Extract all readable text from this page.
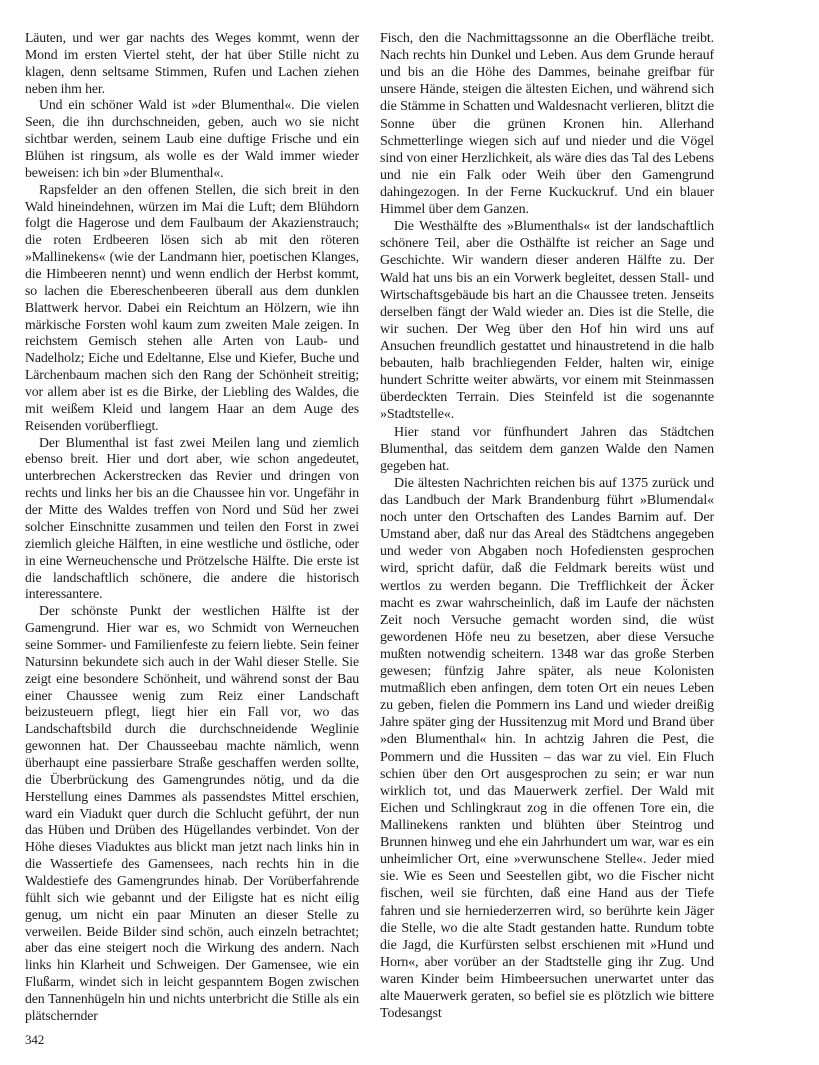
Läuten, und wer gar nachts des Weges kommt, wenn der Mond im ersten Viertel steht, der hat über Stille nicht zu klagen, denn seltsame Stimmen, Rufen und Lachen ziehen neben ihm her.

Und ein schöner Wald ist »der Blumenthal«. Die vielen Seen, die ihn durchschneiden, geben, auch wo sie nicht sichtbar werden, seinem Laub eine duftige Frische und ein Blühen ist ringsum, als wolle es der Wald immer wieder beweisen: ich bin »der Blumenthal«.

Rapsfelder an den offenen Stellen, die sich breit in den Wald hineindehnen, würzen im Mai die Luft; dem Blühdorn folgt die Hagerose und dem Faulbaum der Akazienstrauch; die roten Erdbeeren lösen sich ab mit den röteren »Mallinekens« (wie der Landmann hier, poetischen Klanges, die Himbeeren nennt) und wenn endlich der Herbst kommt, so lachen die Ebereschenbeeren überall aus dem dunklen Blattwerk hervor. Dabei ein Reichtum an Hölzern, wie ihn märkische Forsten wohl kaum zum zweiten Male zeigen. In reichstem Gemisch stehen alle Arten von Laub- und Nadelholz; Eiche und Edeltanne, Else und Kiefer, Buche und Lärchenbaum machen sich den Rang der Schönheit streitig; vor allem aber ist es die Birke, der Liebling des Waldes, die mit weißem Kleid und langem Haar an dem Auge des Reisenden vorüberfliegt.

Der Blumenthal ist fast zwei Meilen lang und ziemlich ebenso breit. Hier und dort aber, wie schon angedeutet, unterbrechen Ackerstrecken das Revier und dringen von rechts und links her bis an die Chaussee hin vor. Ungefähr in der Mitte des Waldes treffen von Nord und Süd her zwei solcher Einschnitte zusammen und teilen den Forst in zwei ziemlich gleiche Hälften, in eine westliche und östliche, oder in eine Werneuchensche und Prötzelsche Hälfte. Die erste ist die landschaftlich schönere, die andere die historisch interessantere.

Der schönste Punkt der westlichen Hälfte ist der Gamengrund. Hier war es, wo Schmidt von Werneuchen seine Sommer- und Familienfeste zu feiern liebte. Sein feiner Natursinn bekundete sich auch in der Wahl dieser Stelle. Sie zeigt eine besondere Schönheit, und während sonst der Bau einer Chaussee wenig zum Reiz einer Landschaft beizusteuern pflegt, liegt hier ein Fall vor, wo das Landschaftsbild durch die durchschneidende Weglinie gewonnen hat. Der Chausseebau machte nämlich, wenn überhaupt eine passierbare Straße geschaffen werden sollte, die Überbrückung des Gamengrundes nötig, und da die Herstellung eines Dammes als passendstes Mittel erschien, ward ein Viadukt quer durch die Schlucht geführt, der nun das Hüben und Drüben des Hügellandes verbindet. Von der Höhe dieses Viaduktes aus blickt man jetzt nach links hin in die Wassertiefe des Gamensees, nach rechts hin in die Waldestiefe des Gamengrundes hinab. Der Vorüberfahrende fühlt sich wie gebannt und der Eiligste hat es nicht eilig genug, um nicht ein paar Minuten an dieser Stelle zu verweilen. Beide Bilder sind schön, auch einzeln betrachtet; aber das eine steigert noch die Wirkung des andern. Nach links hin Klarheit und Schweigen. Der Gamensee, wie ein Flußarm, windet sich in leicht gespanntem Bogen zwischen den Tannenhügeln hin und nichts unterbricht die Stille als ein plätschernder

Fisch, den die Nachmittagssonne an die Oberfläche treibt. Nach rechts hin Dunkel und Leben. Aus dem Grunde herauf und bis an die Höhe des Dammes, beinahe greifbar für unsere Hände, steigen die ältesten Eichen, und während sich die Stämme in Schatten und Waldesnacht verlieren, blitzt die Sonne über die grünen Kronen hin. Allerhand Schmetterlinge wiegen sich auf und nieder und die Vögel sind von einer Herzlichkeit, als wäre dies das Tal des Lebens und nie ein Falk oder Weih über den Gamengrund dahingezogen. In der Ferne Kuckuckruf. Und ein blauer Himmel über dem Ganzen.

Die Westhälfte des »Blumenthals« ist der landschaftlich schönere Teil, aber die Osthälfte ist reicher an Sage und Geschichte. Wir wandern dieser anderen Hälfte zu. Der Wald hat uns bis an ein Vorwerk begleitet, dessen Stall- und Wirtschaftsgebäude bis hart an die Chaussee treten. Jenseits derselben fängt der Wald wieder an. Dies ist die Stelle, die wir suchen. Der Weg über den Hof hin wird uns auf Ansuchen freundlich gestattet und hinaustretend in die halb bebauten, halb brachliegenden Felder, halten wir, einige hundert Schritte weiter abwärts, vor einem mit Steinmassen überdeckten Terrain. Dies Steinfeld ist die sogenannte »Stadtstelle«.

Hier stand vor fünfhundert Jahren das Städtchen Blumenthal, das seitdem dem ganzen Walde den Namen gegeben hat.

Die ältesten Nachrichten reichen bis auf 1375 zurück und das Landbuch der Mark Brandenburg führt »Blumendal« noch unter den Ortschaften des Landes Barnim auf. Der Umstand aber, daß nur das Areal des Städtchens angegeben und weder von Abgaben noch Hofediensten gesprochen wird, spricht dafür, daß die Feldmark bereits wüst und wertlos zu werden begann. Die Trefflichkeit der Äcker macht es zwar wahrscheinlich, daß im Laufe der nächsten Zeit noch Versuche gemacht worden sind, die wüst gewordenen Höfe neu zu besetzen, aber diese Versuche mußten notwendig scheitern. 1348 war das große Sterben gewesen; fünfzig Jahre später, als neue Kolonisten mutmaßlich eben anfingen, dem toten Ort ein neues Leben zu geben, fielen die Pommern ins Land und wieder dreißig Jahre später ging der Hussitenzug mit Mord und Brand über »den Blumenthal« hin. In achtzig Jahren die Pest, die Pommern und die Hussiten – das war zu viel. Ein Fluch schien über den Ort ausgesprochen zu sein; er war nun wirklich tot, und das Mauerwerk zerfiel. Der Wald mit Eichen und Schlingkraut zog in die offenen Tore ein, die Mallinekens rankten und blühten über Steintrog und Brunnen hinweg und ehe ein Jahrhundert um war, war es ein unheimlicher Ort, eine »verwunschene Stelle«. Jeder mied sie. Wie es Seen und Seestellen gibt, wo die Fischer nicht fischen, weil sie fürchten, daß eine Hand aus der Tiefe fahren und sie herniederzerren wird, so berührte kein Jäger die Stelle, wo die alte Stadt gestanden hatte. Rundum tobte die Jagd, die Kurfürsten selbst erschienen mit »Hund und Horn«, aber vorüber an der Stadtstelle ging ihr Zug. Und waren Kinder beim Himbeersuchen unerwartet unter das alte Mauerwerk geraten, so befiel sie es plötzlich wie bittere Todesangst

342
